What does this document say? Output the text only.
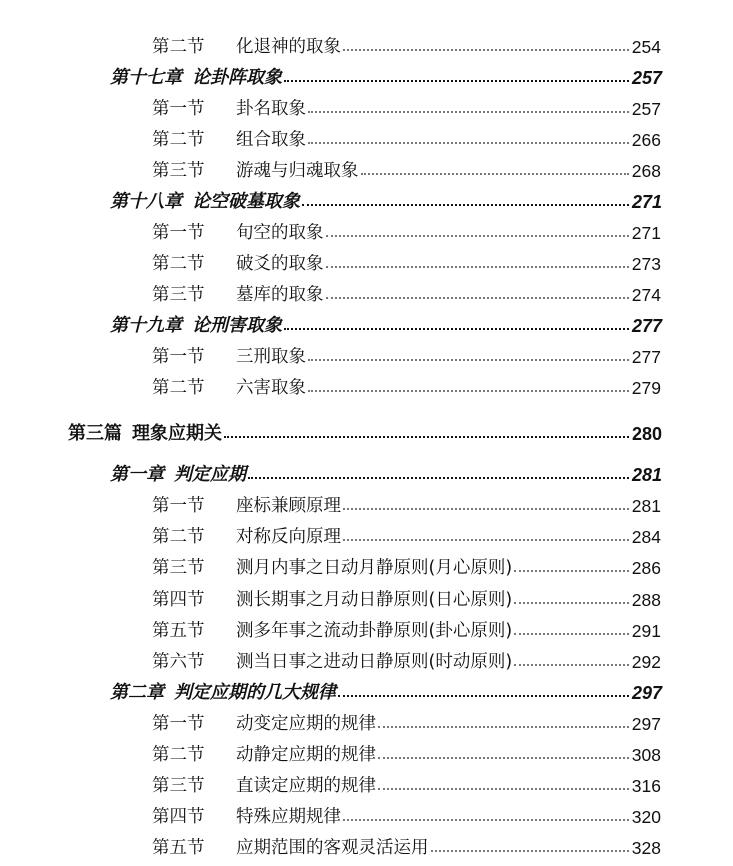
第二节 化退神的取象	254
第十七章 论卦阵取象	257
第一节 卦名取象	257
第二节 组合取象	266
第三节 游魂与归魂取象	268
第十八章 论空破墓取象	271
第一节 旬空的取象	271
第二节 破爻的取象	273
第三节 墓库的取象	274
第十九章 论刑害取象	277
第一节 三刑取象	277
第二节 六害取象	279
第三篇 理象应期关	280
第一章 判定应期	281
第一节 座标兼顾原理	281
第二节 对称反向原理	284
第三节 测月内事之日动月静原则(月心原则)	286
第四节 测长期事之月动日静原则(日心原则)	288
第五节 测多年事之流动卦静原则(卦心原则)	291
第六节 测当日事之进动日静原则(时动原则)	292
第二章 判定应期的几大规律	297
第一节 动变定应期的规律	297
第二节 动静定应期的规律	308
第三节 直读定应期的规律	316
第四节 特殊应期规律	320
第五节 应期范围的客观灵活运用	328
